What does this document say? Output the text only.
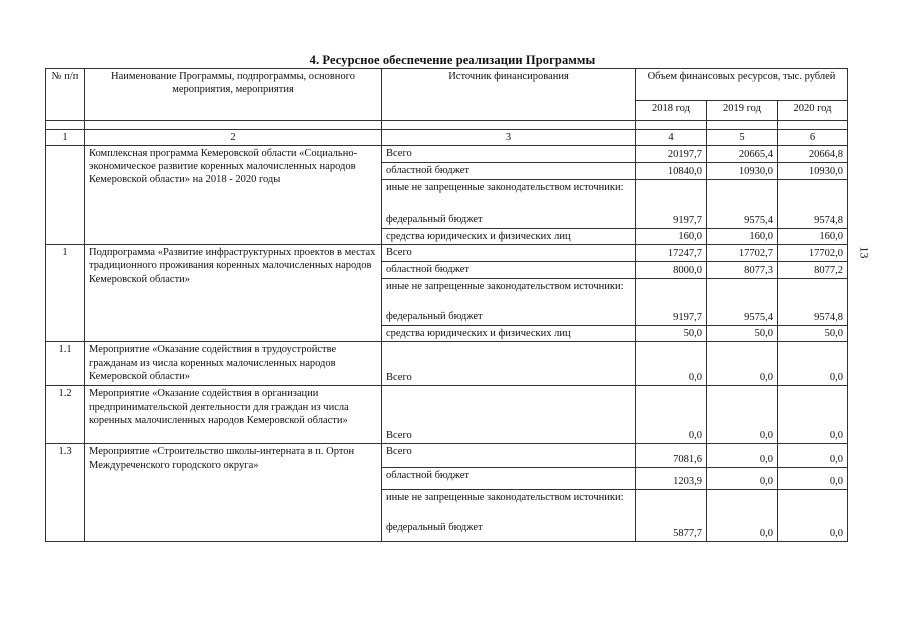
4. Ресурсное обеспечение реализации Программы
13
№ п/п	Наименование Программы, подпрограммы, основного мероприятия, мероприятия	Источник финансирования	Объем финансовых ресурсов, тыс. рублей		
			2018 год	2019 год	2020 год

1	2	3	4	5	6
	Комплексная программа Кемеровской области «Социально-экономическое развитие коренных малочисленных народов Кемеровской области» на 2018 - 2020 годы	Всего	20197,7	20665,4	20664,8
		областной бюджет	10840,0	10930,0	10930,0
		иные не запрещенные законодательством источники:			
		федеральный бюджет	9197,7	9575,4	9574,8
		средства юридических и физических лиц	160,0	160,0	160,0
1	Подпрограмма «Развитие инфраструктурных проектов в местах традиционного проживания коренных малочисленных народов Кемеровской области»	Всего	17247,7	17702,7	17702,0
		областной бюджет	8000,0	8077,3	8077,2
		иные не запрещенные законодательством источники:			
		федеральный бюджет	9197,7	9575,4	9574,8
		средства юридических и физических лиц	50,0	50,0	50,0
1.1	Мероприятие «Оказание содействия в трудоустройстве гражданам из числа коренных малочисленных народов Кемеровской области»	Всего	0,0	0,0	0,0
1.2	Мероприятие «Оказание содействия в организации предпринимательской деятельности для граждан из числа коренных малочисленных народов Кемеровской области»	Всего	0,0	0,0	0,0
1.3	Мероприятие «Строительство школы-интерната в п. Ортон Междуреченского городского округа»	Всего	7081,6	0,0	0,0
		областной бюджет	1203,9	0,0	0,0
		иные не запрещенные законодательством источники:			
		федеральный бюджет	5877,7	0,0	0,0
